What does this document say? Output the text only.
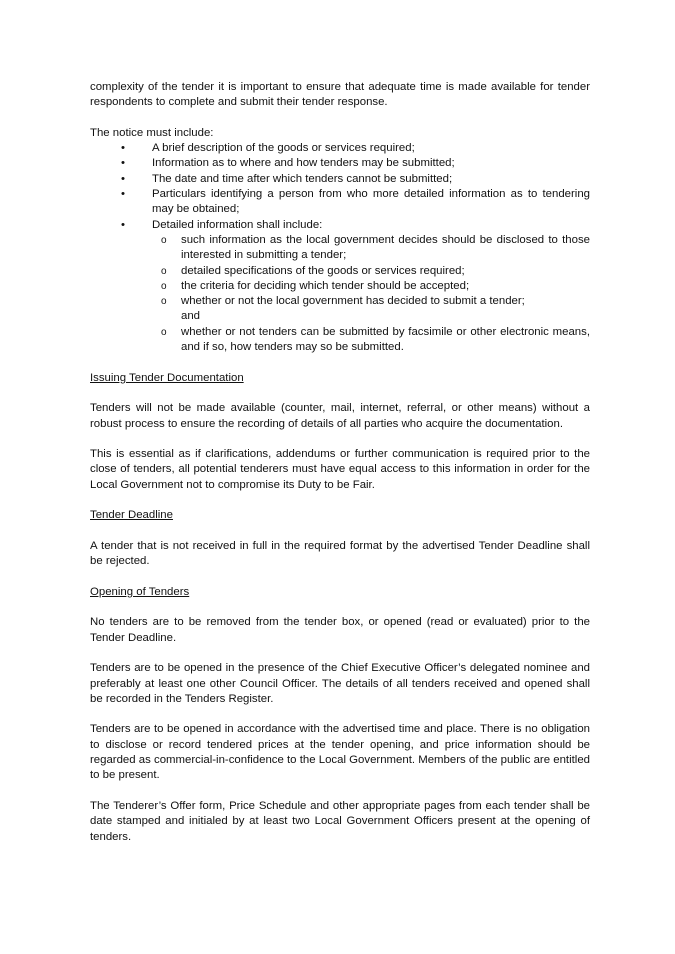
complexity of the tender it is important to ensure that adequate time is made available for tender respondents to complete and submit their tender response.

The notice must include:

• A brief description of the goods or services required;
• Information as to where and how tenders may be submitted;
• The date and time after which tenders cannot be submitted;
• Particulars identifying a person from who more detailed information as to tendering may be obtained;
• Detailed information shall include:
o such information as the local government decides should be disclosed to those interested in submitting a tender;
o detailed specifications of the goods or services required;
o the criteria for deciding which tender should be accepted;
o whether or not the local government has decided to submit a tender;
and
o whether or not tenders can be submitted by facsimile or other electronic means, and if so, how tenders may so be submitted.

Issuing Tender Documentation

Tenders will not be made available (counter, mail, internet, referral, or other means) without a robust process to ensure the recording of details of all parties who acquire the documentation.

This is essential as if clarifications, addendums or further communication is required prior to the close of tenders, all potential tenderers must have equal access to this information in order for the Local Government not to compromise its Duty to be Fair.

Tender Deadline

A tender that is not received in full in the required format by the advertised Tender Deadline shall be rejected.

Opening of Tenders

No tenders are to be removed from the tender box, or opened (read or evaluated) prior to the Tender Deadline.

Tenders are to be opened in the presence of the Chief Executive Officer’s delegated nominee and preferably at least one other Council Officer. The details of all tenders received and opened shall be recorded in the Tenders Register.

Tenders are to be opened in accordance with the advertised time and place. There is no obligation to disclose or record tendered prices at the tender opening, and price information should be regarded as commercial-in-confidence to the Local Government. Members of the public are entitled to be present.

The Tenderer’s Offer form, Price Schedule and other appropriate pages from each tender shall be date stamped and initialed by at least two Local Government Officers present at the opening of tenders.
